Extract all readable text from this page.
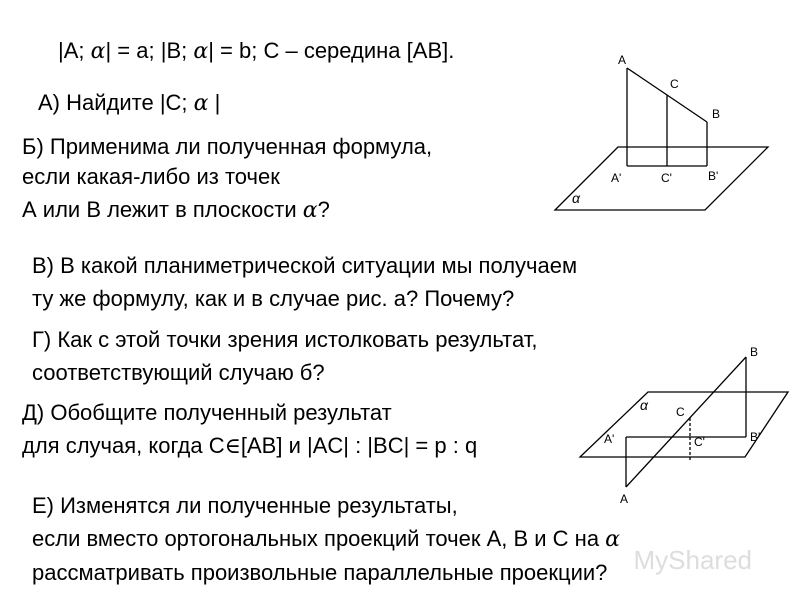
|A; α| = a; |B; α| = b; C – середина [AB].
А) Найдите |C; α |
Б) Применима ли полученная формула,
если какая-либо из точек
А или В лежит в плоскости α?
В) В какой планиметрической ситуации мы получаем
ту же формулу, как и в случае рис. а? Почему?
Г) Как с этой точки зрения истолковать результат,
соответствующий случаю б?
Д) Обобщите полученный результат
для случая, когда C∈[AB] и |AC| : |BC| = p : q
Е) Изменятся ли полученные результаты,
если вместо ортогональных проекций точек А, В и С на α
рассматривать произвольные параллельные проекции?
A
C
B
A'	C'	B'
α
B
C
A
A'	C'	B'
α
MyShared
